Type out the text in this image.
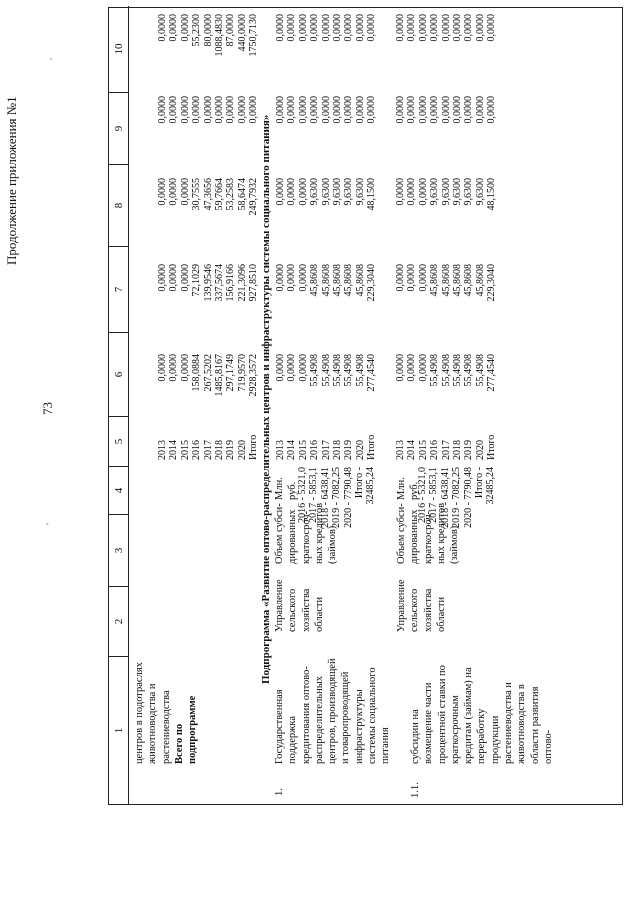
'
73
Продолжение приложения №1
'
1
2
3
4
5
6
7
8
9
10
центров в подотраслях животноводства и растениеводства Всего по подпрограмме
2013 2014 2015 2016 2017 2018 2019 2020 Итого
0,0000 0,0000 0,0000 158,0884 267,5202 1485,8167 297,1749 719,9570 2928,3572
0,0000 0,0000 0,0000 72,1029 139,9546 337,5674 156,9166 221,3096 927,8510
0,0000 0,0000 0,0000 30,7555 47,3656 59,7664 53,2583 58,6474 249,7932
0,0000 0,0000 0,0000 0,0000 0,0000 0,0000 0,0000 0,0000 0,0000
0,0000 0,0000 0,0000 55,2300 80,0000 1088,4830 87,0000 440,0000 1750,7130
Подпрограмма «Развитие оптово-распределительных центров и инфраструктуры системы социального питания»
1.
Государственная поддержка кредитования оптово- распределительных центров, производящей и товаропроводящей инфраструктуры системы социального питания
Управление сельского хозяйства области
Объем субси- дированных краткосроч- ных кредитов (займов)
Млн. руб.
2016 - 5321,0 2017 - 5853,1 2018 - 6438,41 2019 - 7082,25 2020 - 7790,48 Итого - 32485,24
2013 2014 2015 2016 2017 2018 2019 2020 Итого
0,0000 0,0000 0,0000 55,4908 55,4908 55,4908 55,4908 55,4908 277,4540
0,0000 0,0000 0,0000 45,8608 45,8608 45,8608 45,8608 45,8608 229,3040
0,0000 0,0000 0,0000 9,6300 9,6300 9,6300 9,6300 9,6300 48,1500
0,0000 0,0000 0,0000 0,0000 0,0000 0,0000 0,0000 0,0000 0,0000
0,0000 0,0000 0,0000 0,0000 0,0000 0,0000 0,0000 0,0000 0,0000
1.1.
субсидии на возмещение части процентной ставки по краткосрочным кредитам (займам) на переработку продукции растениеводства и животноводства в области развития оптово-
Управление сельского хозяйства области
Объем субси- дированных краткосроч- ных кредитов (займов)
Млн. руб.
2016 - 5321,0 2017 - 5853,1 2018 - 6438,41 2019 - 7082,25 2020 - 7790,48 Итого - 32485,24
2013 2014 2015 2016 2017 2018 2019 2020 Итого
0,0000 0,0000 0,0000 55,4908 55,4908 55,4908 55,4908 55,4908 277,4540
0,0000 0,0000 0,0000 45,8608 45,8608 45,8608 45,8608 45,8608 229,3040
0,0000 0,0000 0,0000 9,6300 9,6300 9,6300 9,6300 9,6300 48,1500
0,0000 0,0000 0,0000 0,0000 0,0000 0,0000 0,0000 0,0000 0,0000
0,0000 0,0000 0,0000 0,0000 0,0000 0,0000 0,0000 0,0000 0,0000
